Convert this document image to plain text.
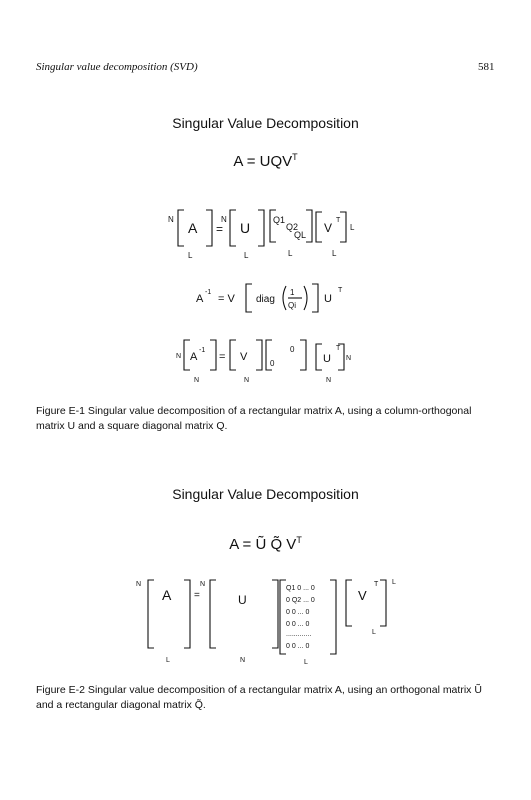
Singular value decomposition (SVD)	581
Singular Value Decomposition
$A = UQV^T$
N
A =
N
L
U
L
Q1
Q2
QL
L
V
T
L
L
A
-1
= V diag
1
Qi
U
T
N A
-1
= V
0
0	U
T
N
N	N	N
Figure E-1 Singular value decomposition of a rectangular matrix A, using a column-orthogonal matrix U and a square diagonal matrix Q.
Singular Value Decomposition
A = Ũ Q̃ $V^T$
N
A =
N
L
U
N
Q1 0 ... 0
0 Q2 ... 0
0 0 ... 0
0 0 ... 0
.............
0 0 ... 0
L
V
T L
L
Figure E-2 Singular value decomposition of a rectangular matrix A, using an orthogonal matrix Ũ and a rectangular diagonal matrix Q̃.
